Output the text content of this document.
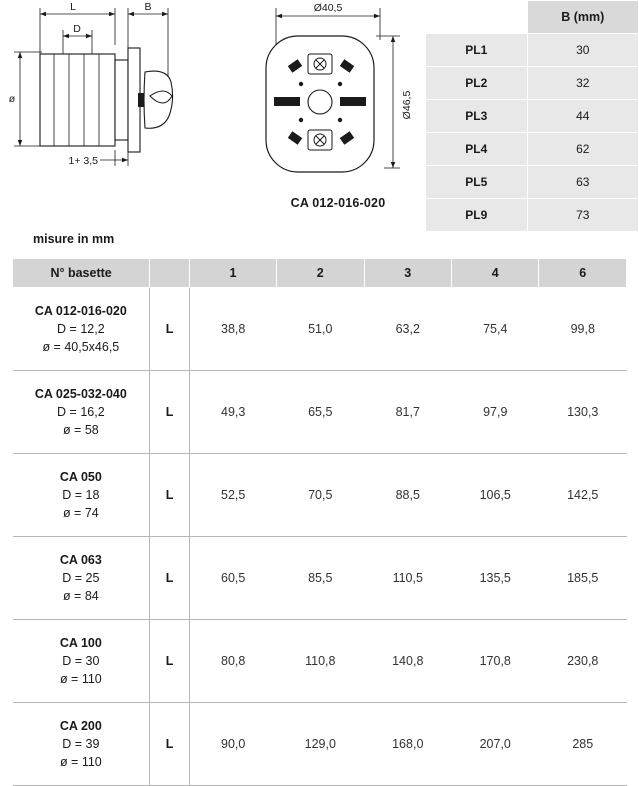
L	B
D
ø
1+ 3,5
Ø40,5
Ø46,5
CA 012-016-020
	B (mm)
PL1	30
PL2	32
PL3	44
PL4	62
PL5	63
PL9	73
misure in mm
N° basette		1	2	3	4	6

CA 012-016-020
D = 12,2
ø = 40,5x46,5	L	38,8	51,0	63,2	75,4	99,8

CA 025-032-040
D = 16,2
ø = 58	L	49,3	65,5	81,7	97,9	130,3

CA 050
D = 18
ø = 74	L	52,5	70,5	88,5	106,5	142,5

CA 063
D = 25
ø = 84	L	60,5	85,5	110,5	135,5	185,5

CA 100
D = 30
ø = 110	L	80,8	110,8	140,8	170,8	230,8

CA 200
D = 39
ø = 110	L	90,0	129,0	168,0	207,0	285
